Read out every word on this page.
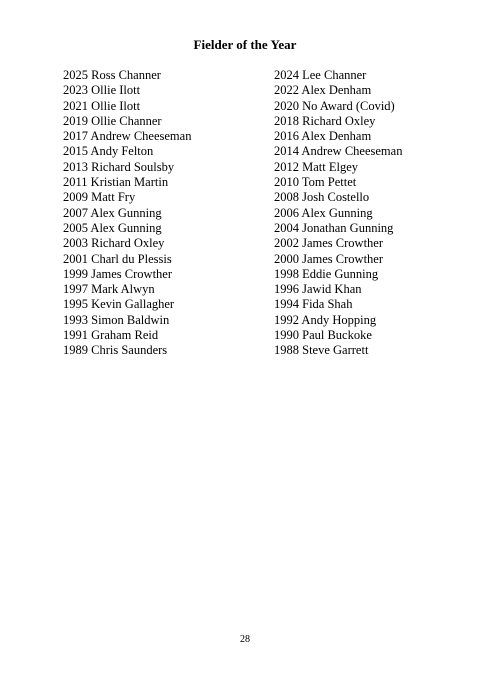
Fielder of the Year
2025 Ross Channer
2023 Ollie Ilott
2021 Ollie Ilott
2019 Ollie Channer
2017 Andrew Cheeseman
2015 Andy Felton
2013 Richard Soulsby
2011 Kristian Martin
2009 Matt Fry
2007 Alex Gunning
2005 Alex Gunning
2003 Richard Oxley
2001 Charl du Plessis
1999 James Crowther
1997 Mark Alwyn
1995 Kevin Gallagher
1993 Simon Baldwin
1991 Graham Reid
1989 Chris Saunders
2024 Lee Channer
2022 Alex Denham
2020 No Award (Covid)
2018 Richard Oxley
2016 Alex Denham
2014 Andrew Cheeseman
2012 Matt Elgey
2010 Tom Pettet
2008 Josh Costello
2006 Alex Gunning
2004 Jonathan Gunning
2002 James Crowther
2000 James Crowther
1998 Eddie Gunning
1996 Jawid Khan
1994 Fida Shah
1992 Andy Hopping
1990 Paul Buckoke
1988 Steve Garrett
28
